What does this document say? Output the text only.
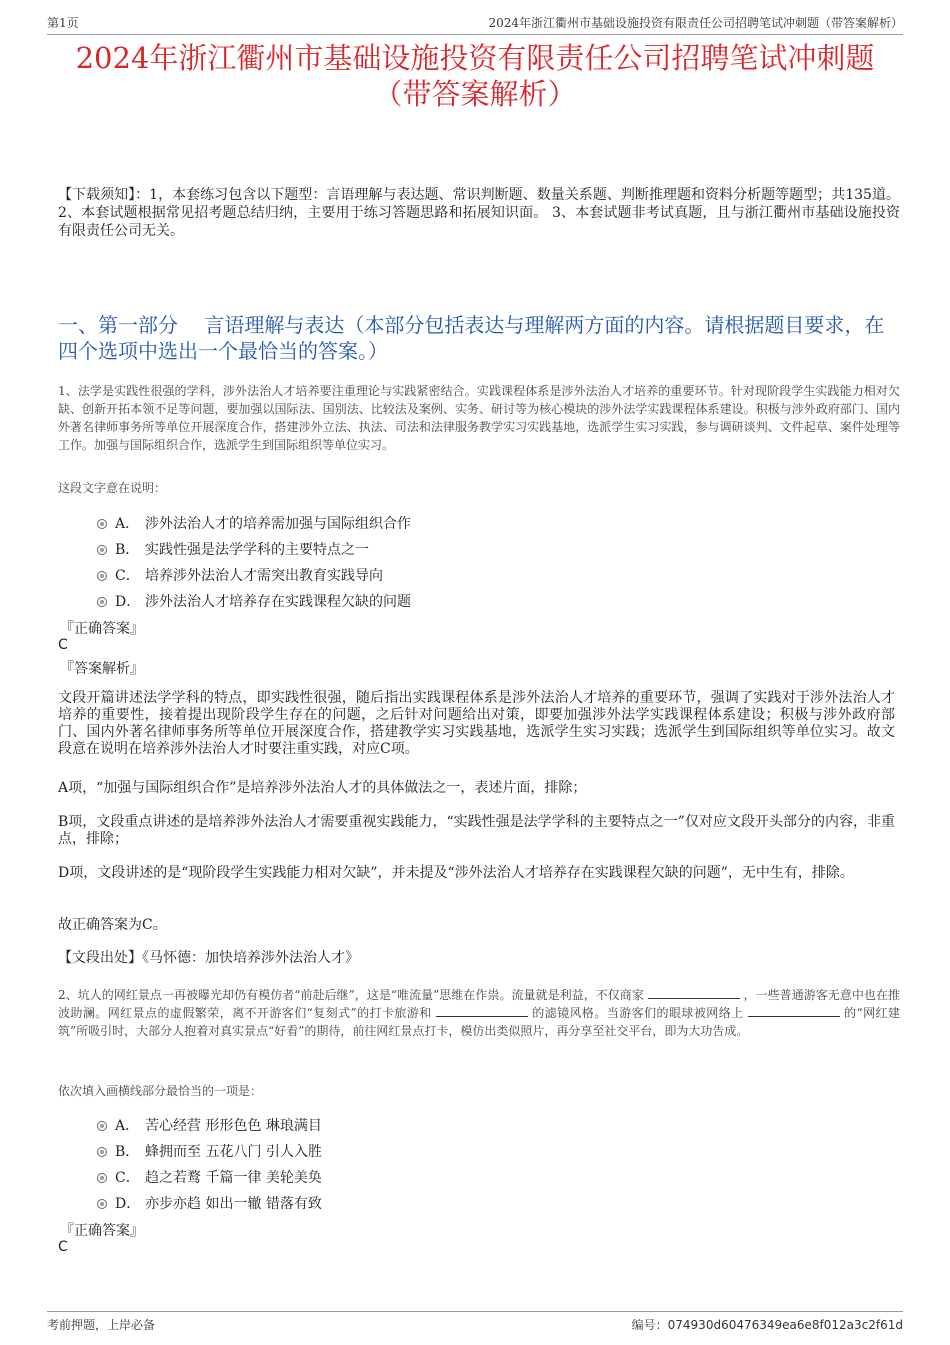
第1页	2024年浙江衢州市基础设施投资有限责任公司招聘笔试冲刺题（带答案解析）
2024年浙江衢州市基础设施投资有限责任公司招聘笔试冲刺题
（带答案解析）
【下载须知】：1，本套练习包含以下题型：言语理解与表达题、常识判断题、数量关系题、判断推理题和资料分析题等题型；共135道。 2、本套试题根据常见招考题总结归纳，主要用于练习答题思路和拓展知识面。 3、本套试题非考试真题，且与浙江衢州市基础设施投资有限责任公司无关。
一、第一部分　 言语理解与表达（本部分包括表达与理解两方面的内容。请根据题目要求，在四个选项中选出一个最恰当的答案。）
1、法学是实践性很强的学科，涉外法治人才培养要注重理论与实践紧密结合。实践课程体系是涉外法治人才培养的重要环节。针对现阶段学生实践能力相对欠缺、创新开拓本领不足等问题，要加强以国际法、国别法、比较法及案例、实务、研讨等为核心模块的涉外法学实践课程体系建设。积极与涉外政府部门、国内外著名律师事务所等单位开展深度合作，搭建涉外立法、执法、司法和法律服务教学实习实践基地，选派学生实习实践，参与调研谈判、文件起草、案件处理等工作。加强与国际组织合作，选派学生到国际组织等单位实习。
这段文字意在说明：
A． 涉外法治人才的培养需加强与国际组织合作
B． 实践性强是法学学科的主要特点之一
C． 培养涉外法治人才需突出教育实践导向
D． 涉外法治人才培养存在实践课程欠缺的问题
『正确答案』
C
『答案解析』
文段开篇讲述法学学科的特点，即实践性很强，随后指出实践课程体系是涉外法治人才培养的重要环节，强调了实践对于涉外法治人才培养的重要性，接着提出现阶段学生存在的问题，之后针对问题给出对策，即要加强涉外法学实践课程体系建设；积极与涉外政府部门、国内外著名律师事务所等单位开展深度合作，搭建教学实习实践基地，选派学生实习实践；选派学生到国际组织等单位实习。故文段意在说明在培养涉外法治人才时要注重实践，对应C项。
A项，“加强与国际组织合作”是培养涉外法治人才的具体做法之一，表述片面，排除；
B项，文段重点讲述的是培养涉外法治人才需要重视实践能力，“实践性强是法学学科的主要特点之一”仅对应文段开头部分的内容，非重点，排除；
D项，文段讲述的是“现阶段学生实践能力相对欠缺”，并未提及“涉外法治人才培养存在实践课程欠缺的问题”，无中生有，排除。
故正确答案为C。
【文段出处】《马怀德：加快培养涉外法治人才》
2、坑人的网红景点一再被曝光却仍有模仿者“前赴后继”，这是“唯流量”思维在作祟。流量就是利益，不仅商家	，一些普通游客无意中也在推波助澜。网红景点的虚假繁荣，离不开游客们“复刻式”的打卡旅游和	的滤镜风格。当游客们的眼球被网络上	的“网红建筑”所吸引时，大部分人抱着对真实景点“好看”的期待，前往网红景点打卡，模仿出类似照片，再分享至社交平台，即为大功告成。
依次填入画横线部分最恰当的一项是：
A． 苦心经营 形形色色 琳琅满目
B． 蜂拥而至 五花八门 引人入胜
C． 趋之若鹜 千篇一律 美轮美奂
D． 亦步亦趋 如出一辙 错落有致
『正确答案』
C
考前押题，上岸必备	编号：074930d60476349ea6e8f012a3c2f61d
